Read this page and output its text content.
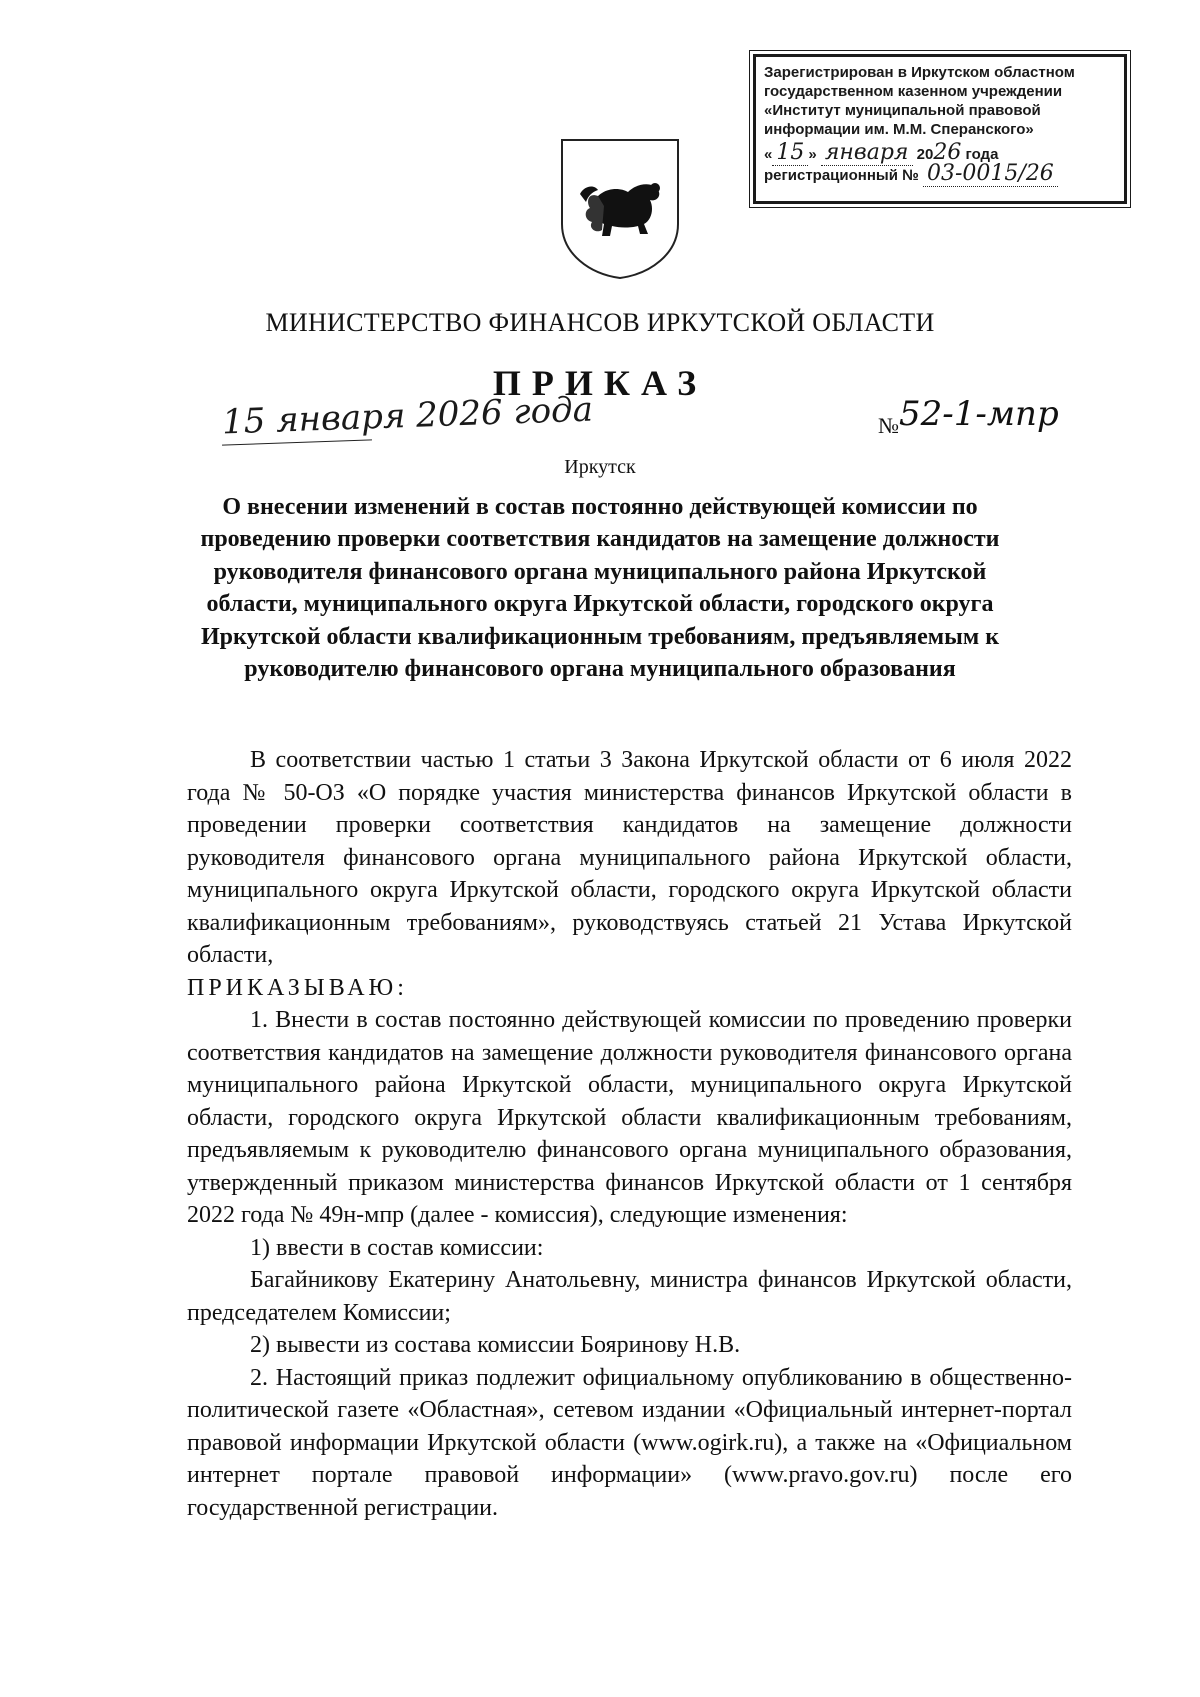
Зарегистрирован в Иркутском областном
государственном казенном учреждении
«Институт муниципальной правовой
информации им. М.М. Сперанского»
« 15 » января 2026 года
регистрационный № 03-0015/26
МИНИСТЕРСТВО ФИНАНСОВ ИРКУТСКОЙ ОБЛАСТИ
ПРИКАЗ
15 января 2026 года	№52-1-мпр
Иркутск
О внесении изменений в состав постоянно действующей комиссии по проведению проверки соответствия кандидатов на замещение должности руководителя финансового органа муниципального района Иркутской области, муниципального округа Иркутской области, городского округа Иркутской области квалификационным требованиям, предъявляемым к руководителю финансового органа муниципального образования

В соответствии частью 1 статьи 3 Закона Иркутской области от 6 июля 2022 года № 50-ОЗ «О порядке участия министерства финансов Иркутской области в проведении проверки соответствия кандидатов на замещение должности руководителя финансового органа муниципального района Иркутской области, муниципального округа Иркутской области, городского округа Иркутской области квалификационным требованиям», руководствуясь статьей 21 Устава Иркутской области,

ПРИКАЗЫВАЮ:

1. Внести в состав постоянно действующей комиссии по проведению проверки соответствия кандидатов на замещение должности руководителя финансового органа муниципального района Иркутской области, муниципального округа Иркутской области, городского округа Иркутской области квалификационным требованиям, предъявляемым к руководителю финансового органа муниципального образования, утвержденный приказом министерства финансов Иркутской области от 1 сентября 2022 года № 49н-мпр (далее - комиссия), следующие изменения:

1) ввести в состав комиссии:

Багайникову Екатерину Анатольевну, министра финансов Иркутской области, председателем Комиссии;

2) вывести из состава комиссии Бояринову Н.В.

2. Настоящий приказ подлежит официальному опубликованию в общественно-политической газете «Областная», сетевом издании «Официальный интернет-портал правовой информации Иркутской области (www.ogirk.ru), а также на «Официальном интернет портале правовой информации» (www.pravo.gov.ru) после его государственной регистрации.
